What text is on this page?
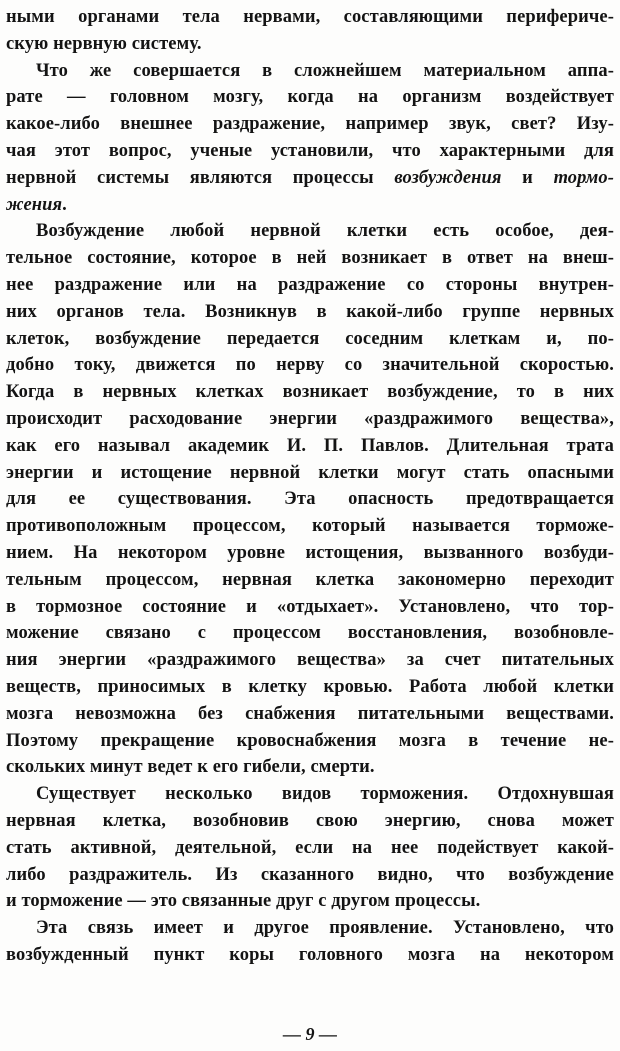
ными органами тела нервами, составляющими перифериче-
скую нервную систему.

Что же совершается в сложнейшем материальном аппа-
рате — головном мозгу, когда на организм воздействует
какое-либо внешнее раздражение, например звук, свет? Изу-
чая этот вопрос, ученые установили, что характерными для
нервной системы являются процессы возбуждения и тормо-
жения.

Возбуждение любой нервной клетки есть особое, дея-
тельное состояние, которое в ней возникает в ответ на внеш-
нее раздражение или на раздражение со стороны внутрен-
них органов тела. Возникнув в какой-либо группе нервных
клеток, возбуждение передается соседним клеткам и, по-
добно току, движется по нерву со значительной скоростью.
Когда в нервных клетках возникает возбуждение, то в них
происходит расходование энергии «раздражимого вещества»,
как его называл академик И. П. Павлов. Длительная трата
энергии и истощение нервной клетки могут стать опасными
для ее существования. Эта опасность предотвращается
противоположным процессом, который называется торможе-
нием. На некотором уровне истощения, вызванного возбуди-
тельным процессом, нервная клетка закономерно переходит
в тормозное состояние и «отдыхает». Установлено, что тор-
можение связано с процессом восстановления, возобновле-
ния энергии «раздражимого вещества» за счет питательных
веществ, приносимых в клетку кровью. Работа любой клетки
мозга невозможна без снабжения питательными веществами.
Поэтому прекращение кровоснабжения мозга в течение не-
скольких минут ведет к его гибели, смерти.

Существует несколько видов торможения. Отдохнувшая
нервная клетка, возобновив свою энергию, снова может
стать активной, деятельной, если на нее подействует какой-
либо раздражитель. Из сказанного видно, что возбуждение
и торможение — это связанные друг с другом процессы.

Эта связь имеет и другое проявление. Установлено, что
возбужденный пункт коры головного мозга на некотором

— 9 —
